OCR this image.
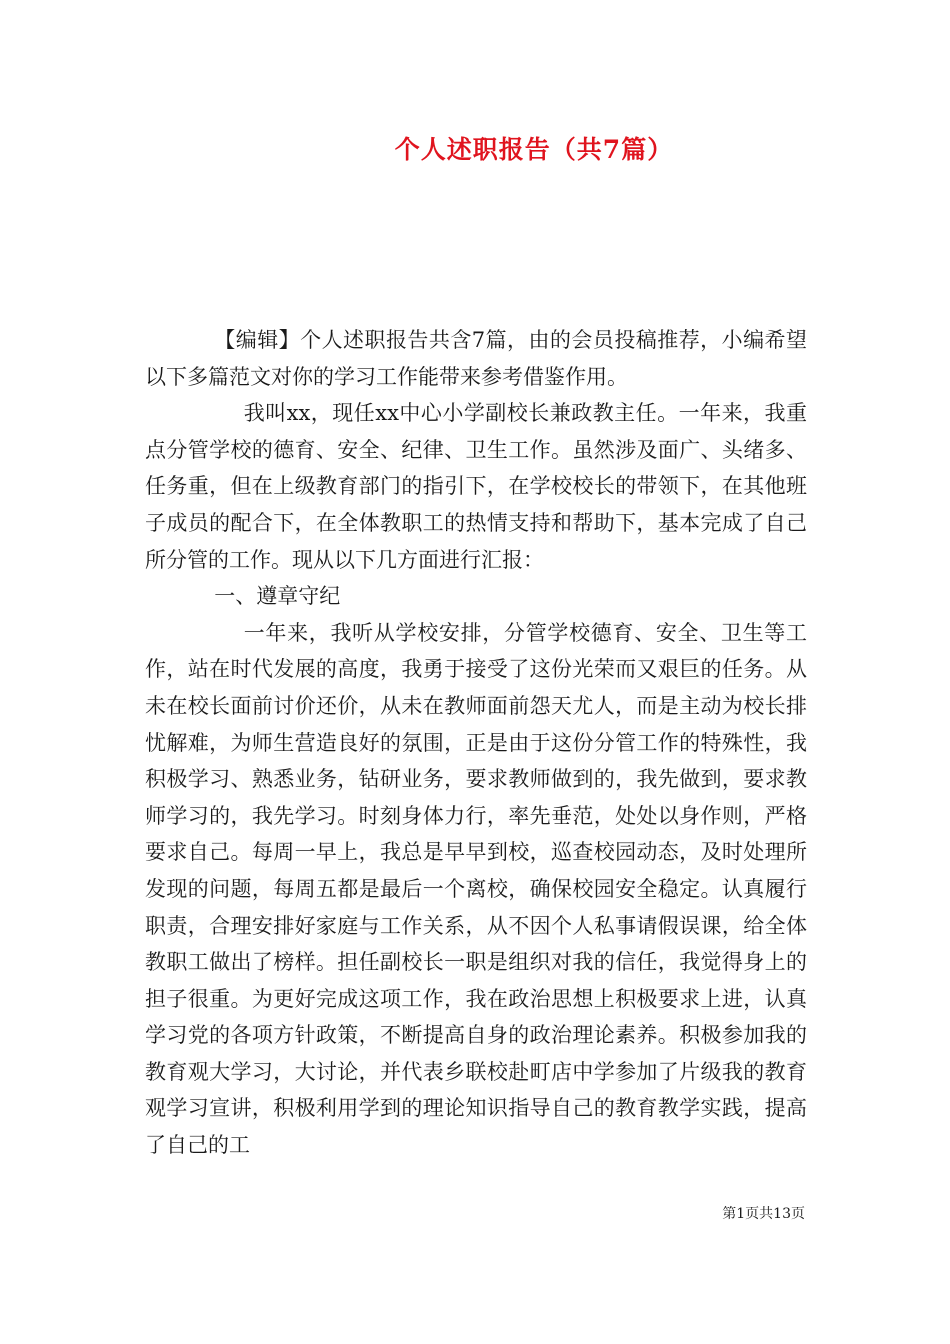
个人述职报告（共7篇）

【编辑】个人述职报告共含7篇，由的会员投稿推荐，小编希望以下多篇范文对你的学习工作能带来参考借鉴作用。

我叫xx，现任xx中心小学副校长兼政教主任。一年来，我重点分管学校的德育、安全、纪律、卫生工作。虽然涉及面广、头绪多、任务重，但在上级教育部门的指引下，在学校校长的带领下，在其他班子成员的配合下，在全体教职工的热情支持和帮助下，基本完成了自己所分管的工作。现从以下几方面进行汇报：

一、遵章守纪

一年来，我听从学校安排，分管学校德育、安全、卫生等工作，站在时代发展的高度，我勇于接受了这份光荣而又艰巨的任务。从未在校长面前讨价还价，从未在教师面前怨天尤人，而是主动为校长排忧解难，为师生营造良好的氛围，正是由于这份分管工作的特殊性，我积极学习、熟悉业务，钻研业务，要求教师做到的，我先做到，要求教师学习的，我先学习。时刻身体力行，率先垂范，处处以身作则，严格要求自己。每周一早上，我总是早早到校，巡查校园动态，及时处理所发现的问题，每周五都是最后一个离校，确保校园安全稳定。认真履行职责，合理安排好家庭与工作关系，从不因个人私事请假误课，给全体教职工做出了榜样。担任副校长一职是组织对我的信任，我觉得身上的担子很重。为更好完成这项工作，我在政治思想上积极要求上进，认真学习党的各项方针政策，不断提高自身的政治理论素养。积极参加我的教育观大学习，大讨论，并代表乡联校赴町店中学参加了片级我的教育观学习宣讲，积极利用学到的理论知识指导自己的教育教学实践，提高了自己的工

第1页共13页
